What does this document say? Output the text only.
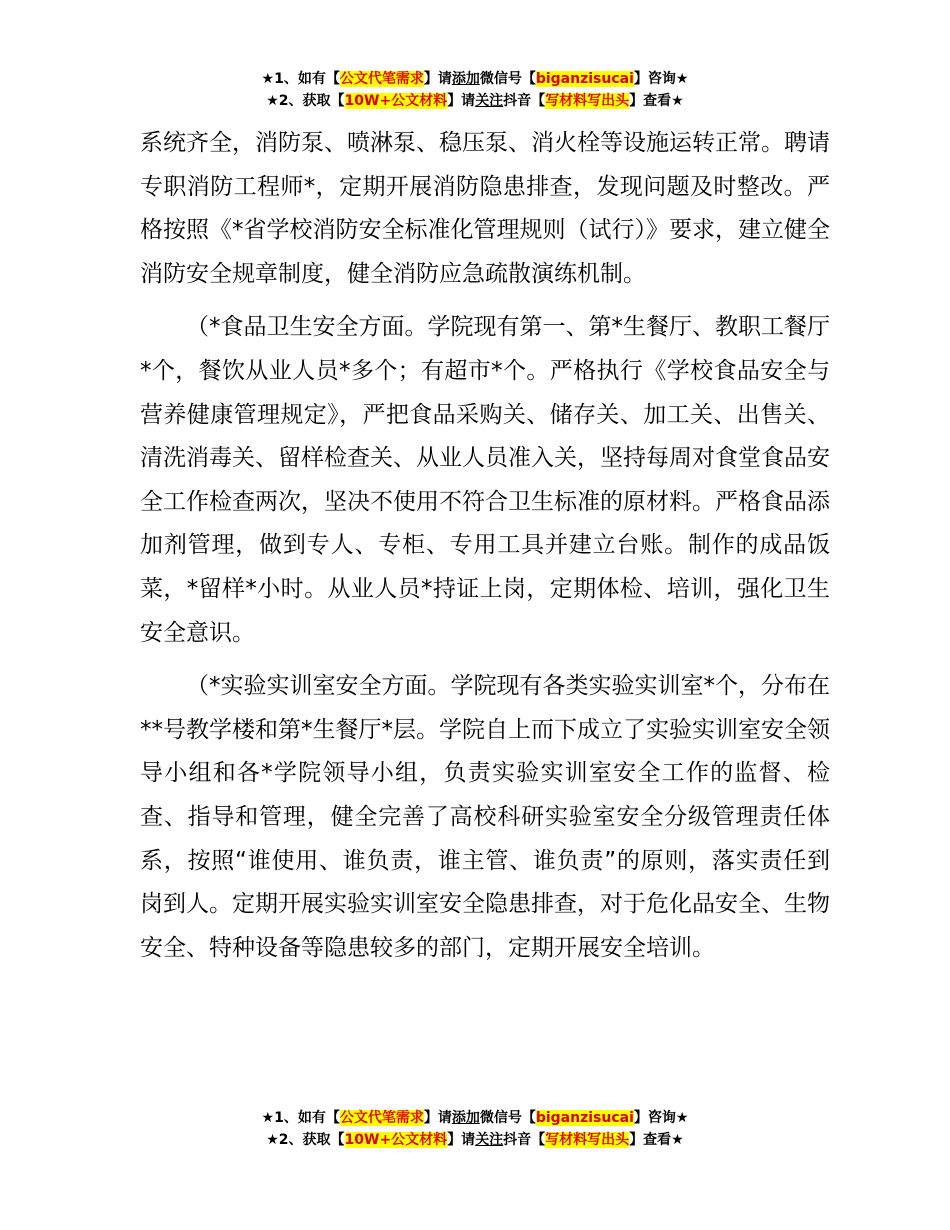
★1、如有【公文代笔需求】请添加微信号【biganzisucai】咨询★
★2、获取【10W+公文材料】请关注抖音【写材料写出头】查看★

系统齐全，消防泵、喷淋泵、稳压泵、消火栓等设施运转正常。聘请专职消防工程师*，定期开展消防隐患排查，发现问题及时整改。严格按照《*省学校消防安全标准化管理规则（试行）》要求，建立健全消防安全规章制度，健全消防应急疏散演练机制。

（*食品卫生安全方面。学院现有第一、第*生餐厅、教职工餐厅*个，餐饮从业人员*多个；有超市*个。严格执行《学校食品安全与营养健康管理规定》，严把食品采购关、储存关、加工关、出售关、清洗消毒关、留样检查关、从业人员准入关，坚持每周对食堂食品安全工作检查两次，坚决不使用不符合卫生标准的原材料。严格食品添加剂管理，做到专人、专柜、专用工具并建立台账。制作的成品饭菜，*留样*小时。从业人员*持证上岗，定期体检、培训，强化卫生安全意识。

（*实验实训室安全方面。学院现有各类实验实训室*个，分布在**号教学楼和第*生餐厅*层。学院自上而下成立了实验实训室安全领导小组和各*学院领导小组，负责实验实训室安全工作的监督、检查、指导和管理，健全完善了高校科研实验室安全分级管理责任体系，按照“谁使用、谁负责，谁主管、谁负责”的原则，落实责任到岗到人。定期开展实验实训室安全隐患排查，对于危化品安全、生物安全、特种设备等隐患较多的部门，定期开展安全培训。

★1、如有【公文代笔需求】请添加微信号【biganzisucai】咨询★
★2、获取【10W+公文材料】请关注抖音【写材料写出头】查看★
